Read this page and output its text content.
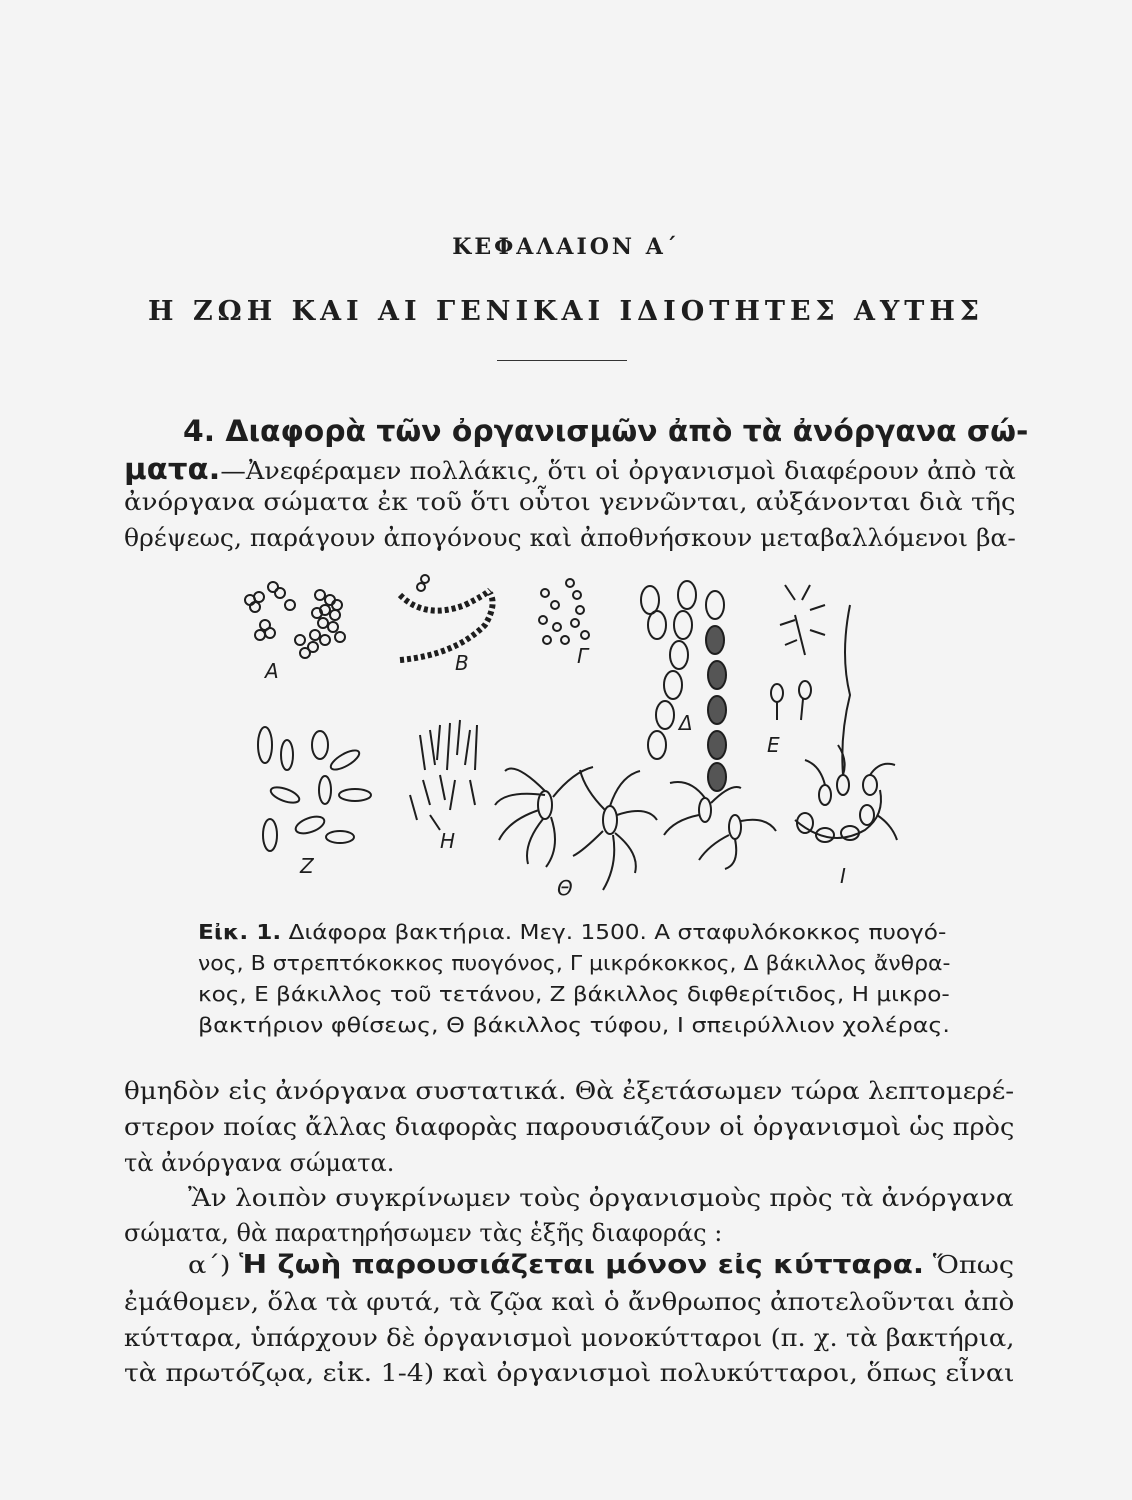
ΚΕΦΑΛΑΙΟΝ Α΄
Η ΖΩΗ ΚΑΙ ΑΙ ΓΕΝΙΚΑΙ ΙΔΙΟΤΗΤΕΣ ΑΥΤΗΣ
4. Διαφορὰ τῶν ὀργανισμῶν ἀπὸ τὰ ἀνόργανα σώ-
ματα.—Ἀνεφέραμεν πολλάκις, ὅτι οἱ ὀργανισμοὶ διαφέρουν ἀπὸ τὰ
ἀνόργανα σώματα ἐκ τοῦ ὅτι οὗτοι γεννῶνται, αὐξάνονται διὰ τῆς
θρέψεως, παράγουν ἀπογόνους καὶ ἀποθνήσκουν μεταβαλλόμενοι βα-
Α	Β	Γ
Δ
Ε
Ζ
Η
Θ	Ι
Εἰκ. 1. Διάφορα βακτήρια. Μεγ. 1500. Α σταφυλόκοκκος πυογό-
νος, Β στρεπτόκοκκος πυογόνος, Γ μικρόκοκκος, Δ βάκιλλος ἄνθρα-
κος, Ε βάκιλλος τοῦ τετάνου, Ζ βάκιλλος διφθερίτιδος, Η μικρο-
βακτήριον φθίσεως, Θ βάκιλλος τύφου, Ι σπειρύλλιον χολέρας.
θμηδὸν εἰς ἀνόργανα συστατικά. Θὰ ἐξετάσωμεν τώρα λεπτομερέ-
στερον ποίας ἄλλας διαφορὰς παρουσιάζουν οἱ ὀργανισμοὶ ὡς πρὸς
τὰ ἀνόργανα σώματα.
Ἂν λοιπὸν συγκρίνωμεν τοὺς ὀργανισμοὺς πρὸς τὰ ἀνόργανα
σώματα, θὰ παρατηρήσωμεν τὰς ἑξῆς διαφοράς :
α΄) Ἡ ζωὴ παρουσιάζεται μόνον εἰς κύτταρα. Ὅπως
ἐμάθομεν, ὅλα τὰ φυτά, τὰ ζῷα καὶ ὁ ἄνθρωπος ἀποτελοῦνται ἀπὸ
κύτταρα, ὑπάρχουν δὲ ὀργανισμοὶ μονοκύτταροι (π. χ. τὰ βακτήρια,
τὰ πρωτόζῳα, εἰκ. 1-4) καὶ ὀργανισμοὶ πολυκύτταροι, ὅπως εἶναι
